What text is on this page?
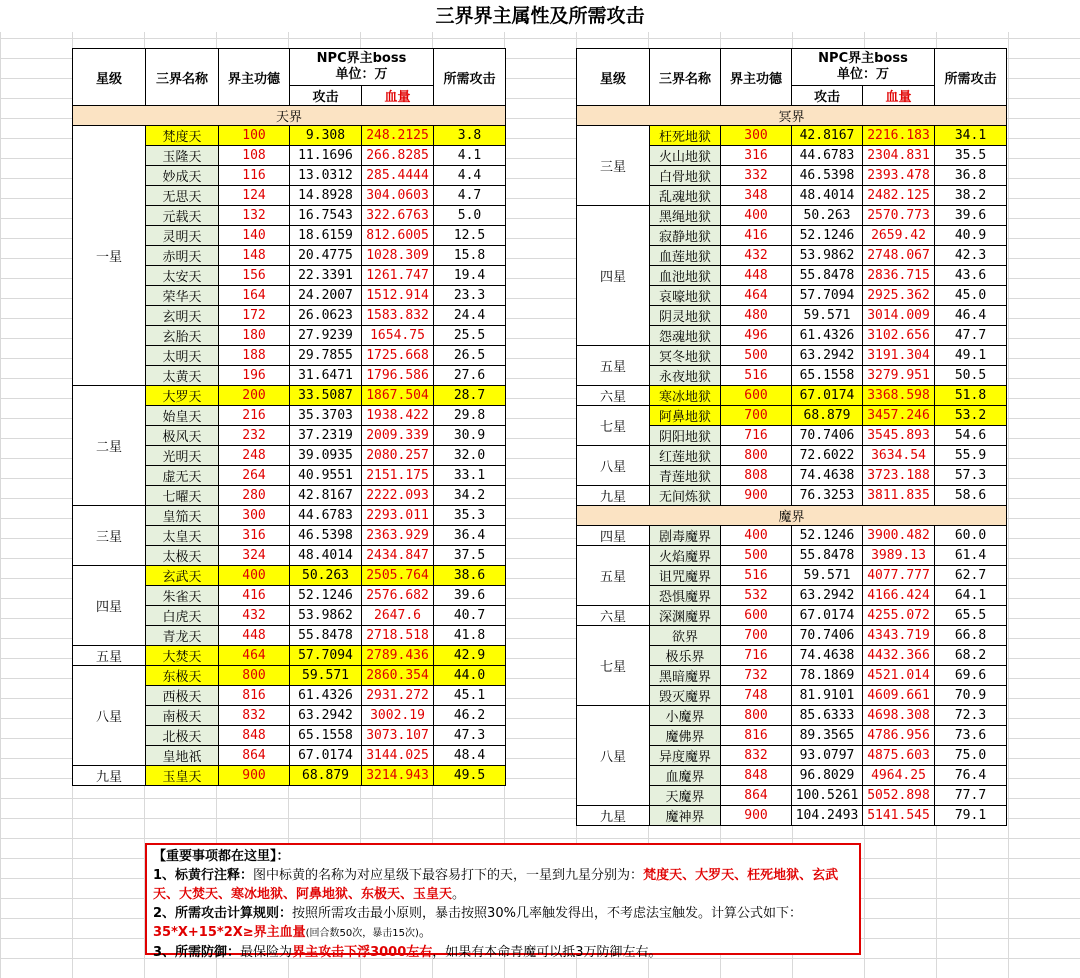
三界界主属性及所需攻击
星级	三界名称	界主功德	NPC界主boss
单位：万		所需攻击
			攻击	血量	
天界					
一星	梵度天	100	9.308	248.2125	3.8
	玉隆天	108	11.1696	266.8285	4.1
	妙成天	116	13.0312	285.4444	4.4
	无思天	124	14.8928	304.0603	4.7
	元载天	132	16.7543	322.6763	5.0
	灵明天	140	18.6159	812.6005	12.5
	赤明天	148	20.4775	1028.309	15.8
	太安天	156	22.3391	1261.747	19.4
	荣华天	164	24.2007	1512.914	23.3
	玄明天	172	26.0623	1583.832	24.4
	玄胎天	180	27.9239	1654.75	25.5
	太明天	188	29.7855	1725.668	26.5
	太黄天	196	31.6471	1796.586	27.6
二星	大罗天	200	33.5087	1867.504	28.7
	始皇天	216	35.3703	1938.422	29.8
	极风天	232	37.2319	2009.339	30.9
	光明天	248	39.0935	2080.257	32.0
	虚无天	264	40.9551	2151.175	33.1
	七曜天	280	42.8167	2222.093	34.2
三星	皇笳天	300	44.6783	2293.011	35.3
	太皇天	316	46.5398	2363.929	36.4
	太极天	324	48.4014	2434.847	37.5
四星	玄武天	400	50.263	2505.764	38.6
	朱雀天	416	52.1246	2576.682	39.6
	白虎天	432	53.9862	2647.6	40.7
	青龙天	448	55.8478	2718.518	41.8
五星	大焚天	464	57.7094	2789.436	42.9
八星	东极天	800	59.571	2860.354	44.0
	西极天	816	61.4326	2931.272	45.1
	南极天	832	63.2942	3002.19	46.2
	北极天	848	65.1558	3073.107	47.3
	皇地祇	864	67.0174	3144.025	48.4
九星	玉皇天	900	68.879	3214.943	49.5
星级	三界名称	界主功德	NPC界主boss
单位：万		所需攻击
			攻击	血量	
冥界					
三星	枉死地狱	300	42.8167	2216.183	34.1
	火山地狱	316	44.6783	2304.831	35.5
	白骨地狱	332	46.5398	2393.478	36.8
	乱魂地狱	348	48.4014	2482.125	38.2
四星	黑绳地狱	400	50.263	2570.773	39.6
	寂静地狱	416	52.1246	2659.42	40.9
	血莲地狱	432	53.9862	2748.067	42.3
	血池地狱	448	55.8478	2836.715	43.6
	哀嚎地狱	464	57.7094	2925.362	45.0
	阴灵地狱	480	59.571	3014.009	46.4
	怨魂地狱	496	61.4326	3102.656	47.7
五星	冥冬地狱	500	63.2942	3191.304	49.1
	永夜地狱	516	65.1558	3279.951	50.5
六星	寒冰地狱	600	67.0174	3368.598	51.8
七星	阿鼻地狱	700	68.879	3457.246	53.2
	阴阳地狱	716	70.7406	3545.893	54.6
八星	红莲地狱	800	72.6022	3634.54	55.9
	青莲地狱	808	74.4638	3723.188	57.3
九星	无间炼狱	900	76.3253	3811.835	58.6
魔界					
四星	剧毒魔界	400	52.1246	3900.482	60.0
五星	火焰魔界	500	55.8478	3989.13	61.4
	诅咒魔界	516	59.571	4077.777	62.7
	恐惧魔界	532	63.2942	4166.424	64.1
六星	深渊魔界	600	67.0174	4255.072	65.5
七星	欲界	700	70.7406	4343.719	66.8
	极乐界	716	74.4638	4432.366	68.2
	黑暗魔界	732	78.1869	4521.014	69.6
	毁灭魔界	748	81.9101	4609.661	70.9
八星	小魔界	800	85.6333	4698.308	72.3
	魔佛界	816	89.3565	4786.956	73.6
	异度魔界	832	93.0797	4875.603	75.0
	血魔界	848	96.8029	4964.25	76.4
	天魔界	864	100.5261	5052.898	77.7
九星	魔神界	900	104.2493	5141.545	79.1
【重要事项都在这里】：
1、标黄行注释：图中标黄的名称为对应星级下最容易打下的天，一星到九星分别为：梵度天、大罗天、枉死地狱、玄武天、大焚天、寒冰地狱、阿鼻地狱、东极天、玉皇天。
2、所需攻击计算规则：按照所需攻击最小原则，暴击按照30%几率触发得出，不考虑法宝触发。计算公式如下：35*X+15*2X≥界主血量(回合数50次，暴击15次)。
3、所需防御：最保险为界主攻击下浮3000左右，如果有本命青魔可以抵3万防御左右。
